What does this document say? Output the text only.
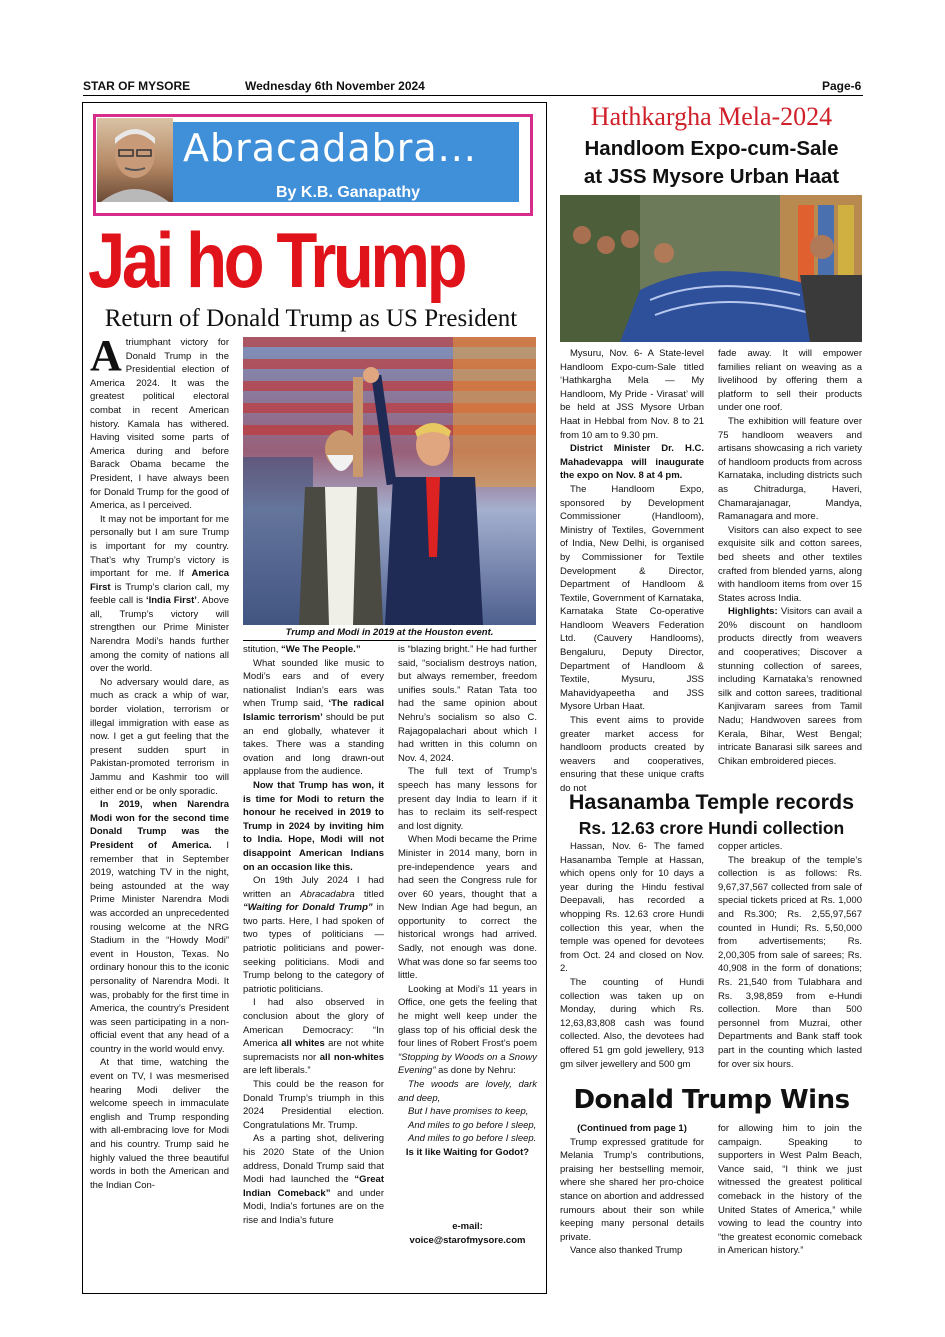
STAR OF MYSORE	Wednesday 6th November 2024	Page-6
Abracadabra...
By K.B. Ganapathy
Jai ho Trump
Return of Donald Trump as US President

Atriumphant victory for Donald Trump in the Presidential election of America 2024. It was the greatest political electoral combat in recent American history. Kamala has withered. Having visited some parts of America during and before Barack Obama became the President, I have always been for Donald Trump for the good of America, as I perceived.

It may not be important for me personally but I am sure Trump is important for my country. That’s why Trump’s victory is important for me. If America First is Trump’s clarion call, my feeble call is ‘India First’. Above all, Trump’s victory will strengthen our Prime Minister Narendra Modi’s hands further among the comity of nations all over the world.

No adversary would dare, as much as crack a whip of war, border violation, terrorism or illegal immigration with ease as now. I get a gut feeling that the present sudden spurt in Pakistan-promoted terrorism in Jammu and Kashmir too will either end or be only sporadic.

In 2019, when Narendra Modi won for the second time Donald Trump was the President of America. I remember that in September 2019, watching TV in the night, being astounded at the way Prime Minister Narendra Modi was accorded an unprecedented rousing welcome at the NRG Stadium in the “Howdy Modi” event in Houston, Texas. No ordinary honour this to the iconic personality of Narendra Modi. It was, probably for the first time in America, the country’s President was seen participating in a non-official event that any head of a country in the world would envy.

At that time, watching the event on TV, I was mesmerised hearing Modi deliver the welcome speech in immaculate english and Trump responding with all-embracing love for Modi and his country. Trump said he highly valued the three beautiful words in both the American and the Indian Con-

Trump and Modi in 2019 at the Houston event.

stitution, “We The People.”

What sounded like music to Modi’s ears and of every nationalist Indian’s ears was when Trump said, ‘The radical Islamic terrorism’ should be put an end globally, whatever it takes. There was a standing ovation and long drawn-out applause from the audience.

Now that Trump has won, it is time for Modi to return the honour he received in 2019 to Trump in 2024 by inviting him to India. Hope, Modi will not disappoint American Indians on an occasion like this.

On 19th July 2024 I had written an Abracadabra titled “Waiting for Donald Trump” in two parts. Here, I had spoken of two types of politicians — patriotic politicians and power-seeking politicians. Modi and Trump belong to the category of patriotic politicians.

I had also observed in conclusion about the glory of American Democracy: “In America all whites are not white supremacists nor all non-whites are left liberals.”

This could be the reason for Donald Trump’s triumph in this 2024 Presidential election. Congratulations Mr. Trump.

As a parting shot, delivering his 2020 State of the Union address, Donald Trump said that Modi had launched the “Great Indian Comeback” and under Modi, India’s fortunes are on the rise and India’s future

is “blazing bright.” He had further said, “socialism destroys nation, but always remember, freedom unifies souls.” Ratan Tata too had the same opinion about Nehru’s socialism so also C. Rajagopalachari about which I had written in this column on Nov. 4, 2024.

The full text of Trump’s speech has many lessons for present day India to learn if it has to reclaim its self-respect and lost dignity.

When Modi became the Prime Minister in 2014 many, born in pre-independence years and had seen the Congress rule for over 60 years, thought that a New Indian Age had begun, an opportunity to correct the historical wrongs had arrived. Sadly, not enough was done. What was done so far seems too little.

Looking at Modi’s 11 years in Office, one gets the feeling that he might well keep under the glass top of his official desk the four lines of Robert Frost’s poem “Stopping by Woods on a Snowy Evening” as done by Nehru:

The woods are lovely, dark and deep,

But I have promises to keep,

And miles to go before I sleep,

And miles to go before I sleep.

Is it like Waiting for Godot?

e-mail:
voice@starofmysore.com
Hathkargha Mela-2024
Handloom Expo-cum-Sale
at JSS Mysore Urban Haat

Mysuru, Nov. 6- A State-level Handloom Expo-cum-Sale titled ‘Hathkargha Mela — My Handloom, My Pride - Virasat’ will be held at JSS Mysore Urban Haat in Hebbal from Nov. 8 to 21 from 10 am to 9.30 pm.

District Minister Dr. H.C. Mahadevappa will inaugurate the expo on Nov. 8 at 4 pm.

The Handloom Expo, sponsored by Development Commissioner (Handloom), Ministry of Textiles, Government of India, New Delhi, is organised by Commissioner for Textile Development & Director, Department of Handloom & Textile, Government of Karnataka, Karnataka State Co-operative Handloom Weavers Federation Ltd. (Cauvery Handlooms), Bengaluru, Deputy Director, Department of Handloom & Textile, Mysuru, JSS Mahavidyapeetha and JSS Mysore Urban Haat.

This event aims to provide greater market access for handloom products created by weavers and cooperatives, ensuring that these unique crafts do not

fade away. It will empower families reliant on weaving as a livelihood by offering them a platform to sell their products under one roof.

The exhibition will feature over 75 handloom weavers and artisans showcasing a rich variety of handloom products from across Karnataka, including districts such as Chitradurga, Haveri, Chamarajanagar, Mandya, Ramanagara and more.

Visitors can also expect to see exquisite silk and cotton sarees, bed sheets and other textiles crafted from blended yarns, along with handloom items from over 15 States across India.

Highlights: Visitors can avail a 20% discount on handloom products directly from weavers and cooperatives; Discover a stunning collection of sarees, including Karnataka’s renowned silk and cotton sarees, traditional Kanjivaram sarees from Tamil Nadu; Handwoven sarees from Kerala, Bihar, West Bengal; intricate Banarasi silk sarees and Chikan embroidered pieces.

Hasanamba Temple records
Rs. 12.63 crore Hundi collection

Hassan, Nov. 6- The famed Hasanamba Temple at Hassan, which opens only for 10 days a year during the Hindu festival Deepavali, has recorded a whopping Rs. 12.63 crore Hundi collection this year, when the temple was opened for devotees from Oct. 24 and closed on Nov. 2.

The counting of Hundi collection was taken up on Monday, during which Rs. 12,63,83,808 cash was found collected. Also, the devotees had offered 51 gm gold jewellery, 913 gm silver jewellery and 500 gm

copper articles.

The breakup of the temple’s collection is as follows: Rs. 9,67,37,567 collected from sale of special tickets priced at Rs. 1,000 and Rs.300; Rs. 2,55,97,567 counted in Hundi; Rs. 5,50,000 from advertisements; Rs. 2,00,305 from sale of sarees; Rs. 40,908 in the form of donations; Rs. 21,540 from Tulabhara and Rs. 3,98,859 from e-Hundi collection. More than 500 personnel from Muzrai, other Departments and Bank staff took part in the counting which lasted for over six hours.

Donald Trump Wins

(Continued from page 1)

Trump expressed gratitude for Melania Trump’s contributions, praising her bestselling memoir, where she shared her pro-choice stance on abortion and addressed rumours about their son while keeping many personal details private.

Vance also thanked Trump

for allowing him to join the campaign. Speaking to supporters in West Palm Beach, Vance said, “I think we just witnessed the greatest political comeback in the history of the United States of America,” while vowing to lead the country into “the greatest economic comeback in American history.”
